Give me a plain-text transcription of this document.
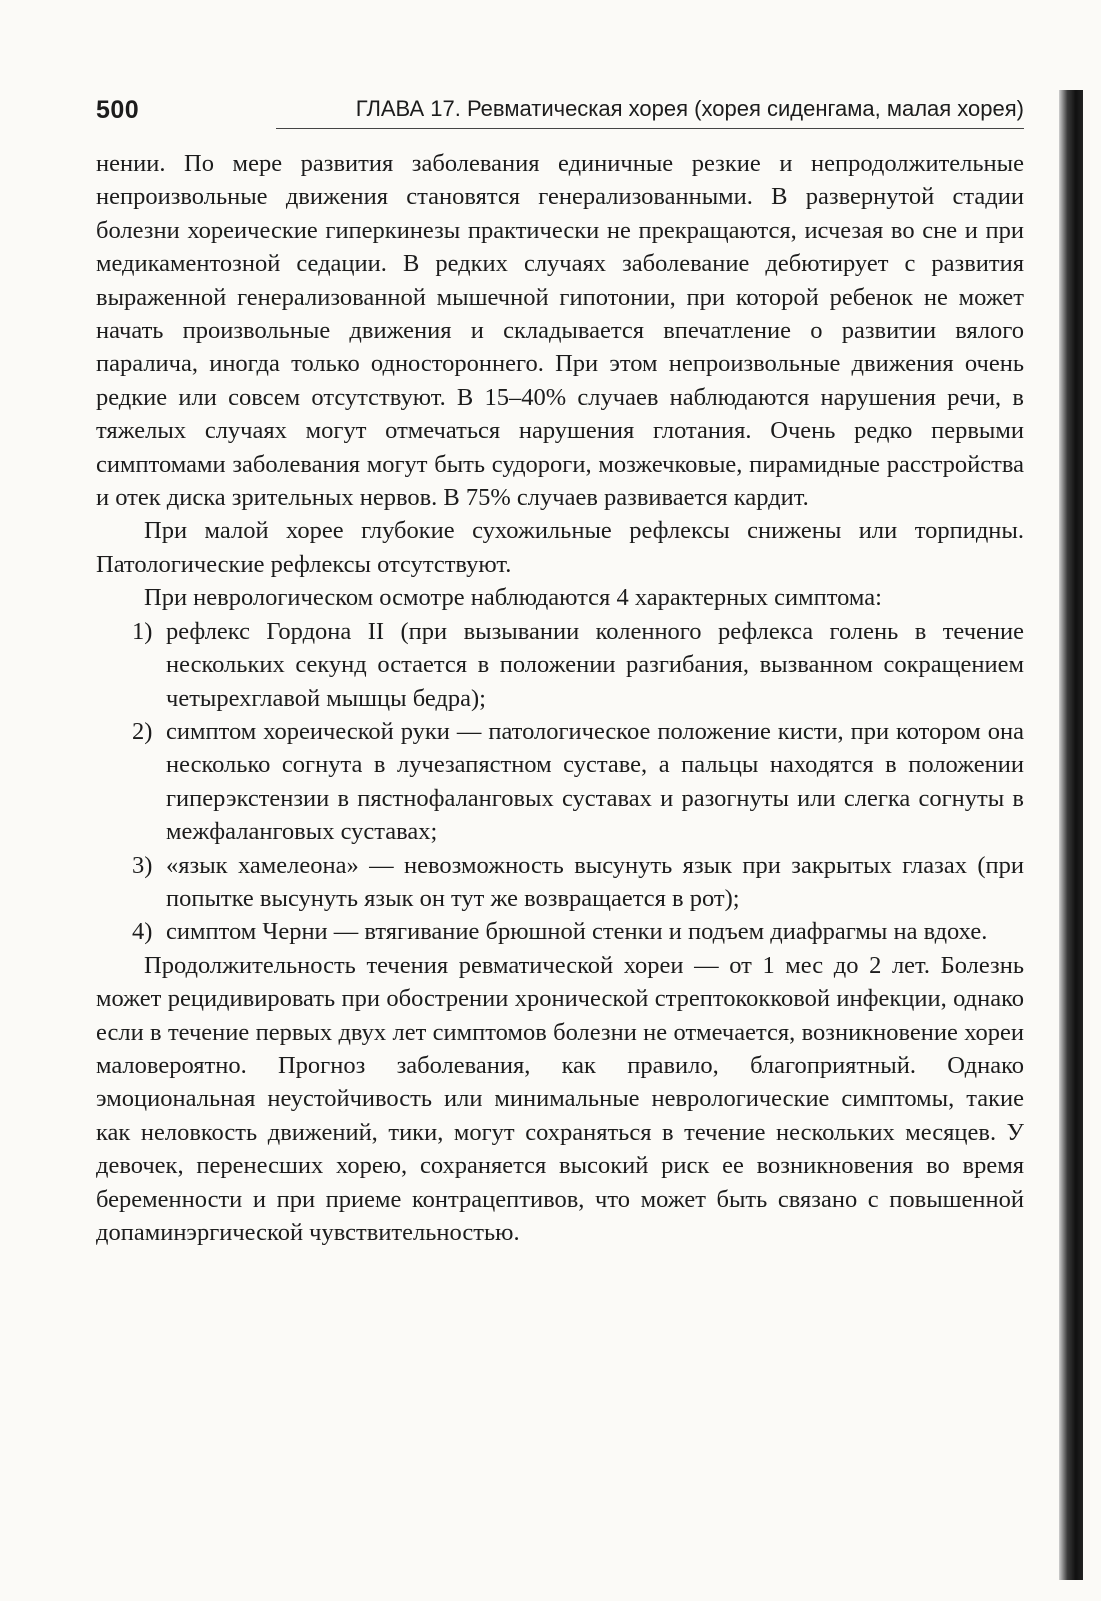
500	ГЛАВА 17. Ревматическая хорея (хорея сиденгама, малая хорея)

нении. По мере развития заболевания единичные резкие и непродолжительные непроизвольные движения становятся генерализованными. В развернутой стадии болезни хореические гиперкинезы практически не прекращаются, исчезая во сне и при медикаментозной седации. В редких случаях заболевание дебютирует с развития выраженной генерализованной мышечной гипотонии, при которой ребенок не может начать произвольные движения и складывается впечатление о развитии вялого паралича, иногда только одностороннего. При этом непроизвольные движения очень редкие или совсем отсутствуют. В 15–40% случаев наблюдаются нарушения речи, в тяжелых случаях могут отмечаться нарушения глотания. Очень редко первыми симптомами заболевания могут быть судороги, мозжечковые, пирамидные расстройства и отек диска зрительных нервов. В 75% случаев развивается кардит.

При малой хорее глубокие сухожильные рефлексы снижены или торпидны. Патологические рефлексы отсутствуют.

При неврологическом осмотре наблюдаются 4 характерных симптома:

1) рефлекс Гордона II (при вызывании коленного рефлекса голень в течение нескольких секунд остается в положении разгибания, вызванном сокращением четырехглавой мышцы бедра);
2) симптом хореической руки — патологическое положение кисти, при котором она несколько согнута в лучезапястном суставе, а пальцы находятся в положении гиперэкстензии в пястнофаланговых суставах и разогнуты или слегка согнуты в межфаланговых суставах;
3) «язык хамелеона» — невозможность высунуть язык при закрытых глазах (при попытке высунуть язык он тут же возвращается в рот);
4) симптом Черни — втягивание брюшной стенки и подъем диафрагмы на вдохе.

Продолжительность течения ревматической хореи — от 1 мес до 2 лет. Болезнь может рецидивировать при обострении хронической стрептококковой инфекции, однако если в течение первых двух лет симптомов болезни не отмечается, возникновение хореи маловероятно. Прогноз заболевания, как правило, благоприятный. Однако эмоциональная неустойчивость или минимальные неврологические симптомы, такие как неловкость движений, тики, могут сохраняться в течение нескольких месяцев. У девочек, перенесших хорею, сохраняется высокий риск ее возникновения во время беременности и при приеме контрацептивов, что может быть связано с повышенной допаминэргической чувствительностью.
